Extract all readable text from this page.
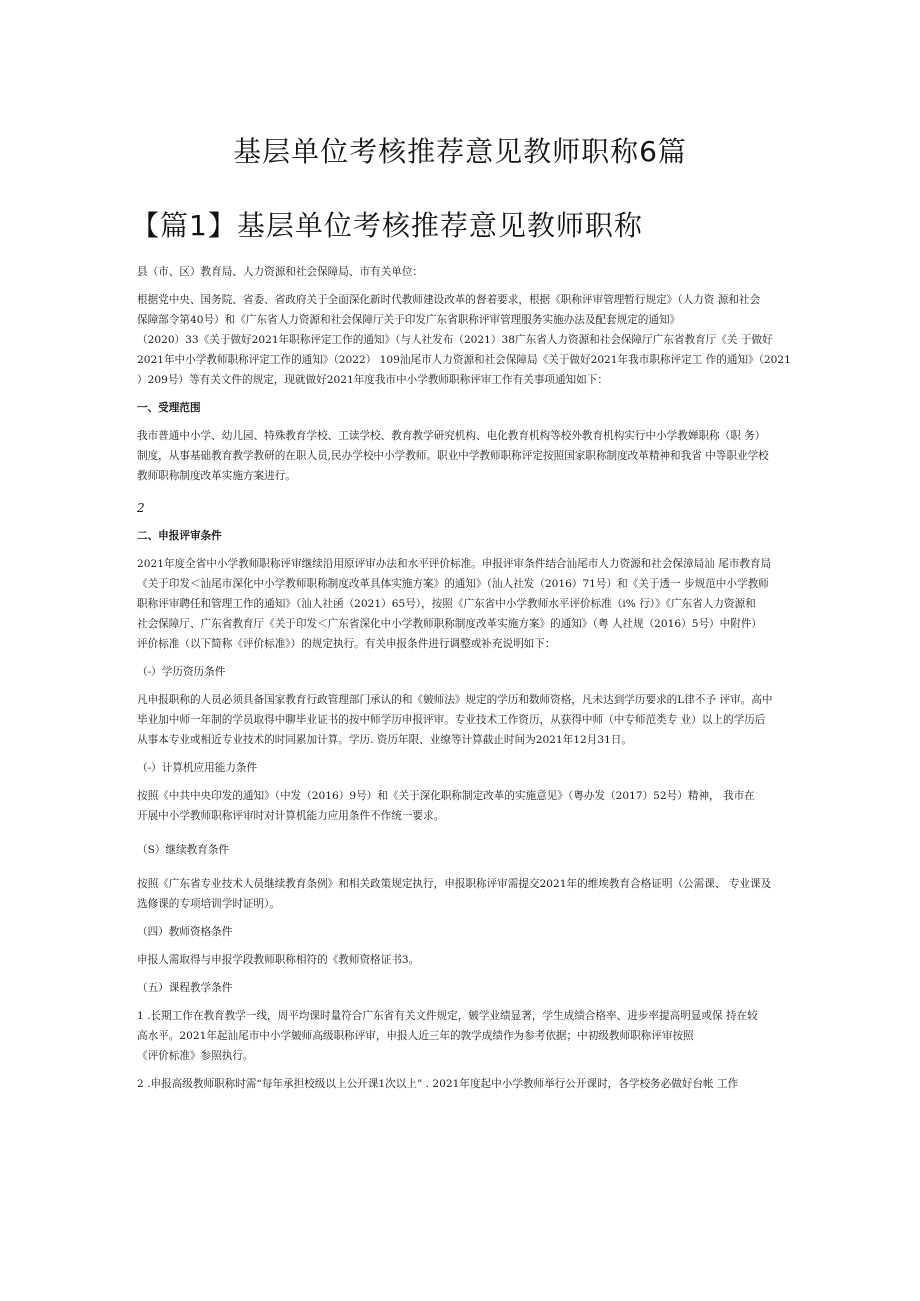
基层单位考核推荐意见教师职称6篇
【篇1】基层单位考核推荐意见教师职称
县（市、区）教育局、人力资源和社会保障局、市有关单位：
根据党中央、国务院、省委、省政府关于全面深化新时代教师建设改革的督着要求，根据《职称评审管理暂行规定》（人力资 源和社会
保障部令第40号）和《广东省人力资源和社会保障厅关于印发广东省职称评审管理服务实施办法及配套规定的通知》
（2020）33《关于做好2021年职称评定工作的通知》（与人社发布（2021）38广东省人力资源和社会保障厅广东省教育厅《关 于做好
2021年中小学教师职称评定工作的通知》（2022） 109汕尾市人力资源和社会保障局《关于做好2021年我市职称评定工 作的通知》（2021
）209号）等有关文件的规定，现就做好2021年度我市中小学教师职称评审工作有关事项通知如下：
一、受理范围
我市普通中小学、幼儿园、特殊教育学校、工读学校、教育教学研究机构、电化教育机构等校外教育机构实行中小学教婵职称（职 务）
制度，从事基础教育教学教研的在职人员,民办学校中小学教师。职业中学教师职称评定按照国家职称制度改革精神和我省 中等职业学校
教师职称制度改革实施方案进行。
2
二、申报评审条件
2021年度全省中小学教师职称评审继续沿用原评审办法和水平评价标准。申报评审条件结合汕尾市人力资源和社会保漳局汕 尾市教育局
《关于印发＜汕尾市深化中小学教师职称制度改革具体实施方案》的通知》（汕人社发（2016）71号）和《关于透一 步规范中小学教师
职称评审聘任和管理工作的通知》（汕人社函（2021）65号），按照《广东省中小学教师水平评价标准（i% 行）》《广东省人力资源和
社会保障厅、广东省教育厅《关于印发＜广东省深化中小学教师职称制度改革实施方案》的通知》（粤 人社规（2016）5号）中附件）
评价标准（以下简称《评价标准》）的规定执行。有关申报条件进行调整或补充说明如下：
（-）学历资历条件
凡申报职称的人员必须具备国家教育行政管理部门承认的和《皴师法》规定的学历和数师资格，凡未达到学历要求的L律不予 评审。高中
毕业加中师一年制的学员取得中聊毕业证书的按中师学历申报评审。专业技术工作资历，从获得中师（中专师范类专 业）以上的学历后
从事本专业或相近专业技术的时同累加计算。学历. 资历年限、业缭等计算截止时间为2021年12月31日。
（-）计算机应用能力条件
按照《中共中央印发的通知》（中发（2016）9号）和《关于深化职称制定改革的实施意见》（粤办发（2017）52号）精神， 我市在
开展中小学教师职称评审时对计算机能力应用条件不作统一要求。
（S）继续教育条件
按照《广东省专业技术人员继续教育条例》和相关政策规定执行，申报职称评审需提交2021年的维埃教育合格证明（公需课、 专业课及
选修课的专项培训学时证明）。
（四）教师资格条件
申报人需取得与申报学段教师职称相符的《教师资格证书3。
（五）课程教学条件
1 .长期工作在教育教学一线，周平均课时量符合广东省有关文件规定，皴学业绩显著，学生成绩合格率、进步率提高明显或保 持在较
高水平。2021年起汕尾市中小学皴师高级职称评审，申报人近三年的敦学成绩作为参考依据；中初级教师职称评审按照
《评价标准》参照执行。
2 .申报高级教师职称时需“每年承担校级以上公开课1次以上” . 2021年度起中小学教师举行公开课时，各学校务必做好台帐 工作
